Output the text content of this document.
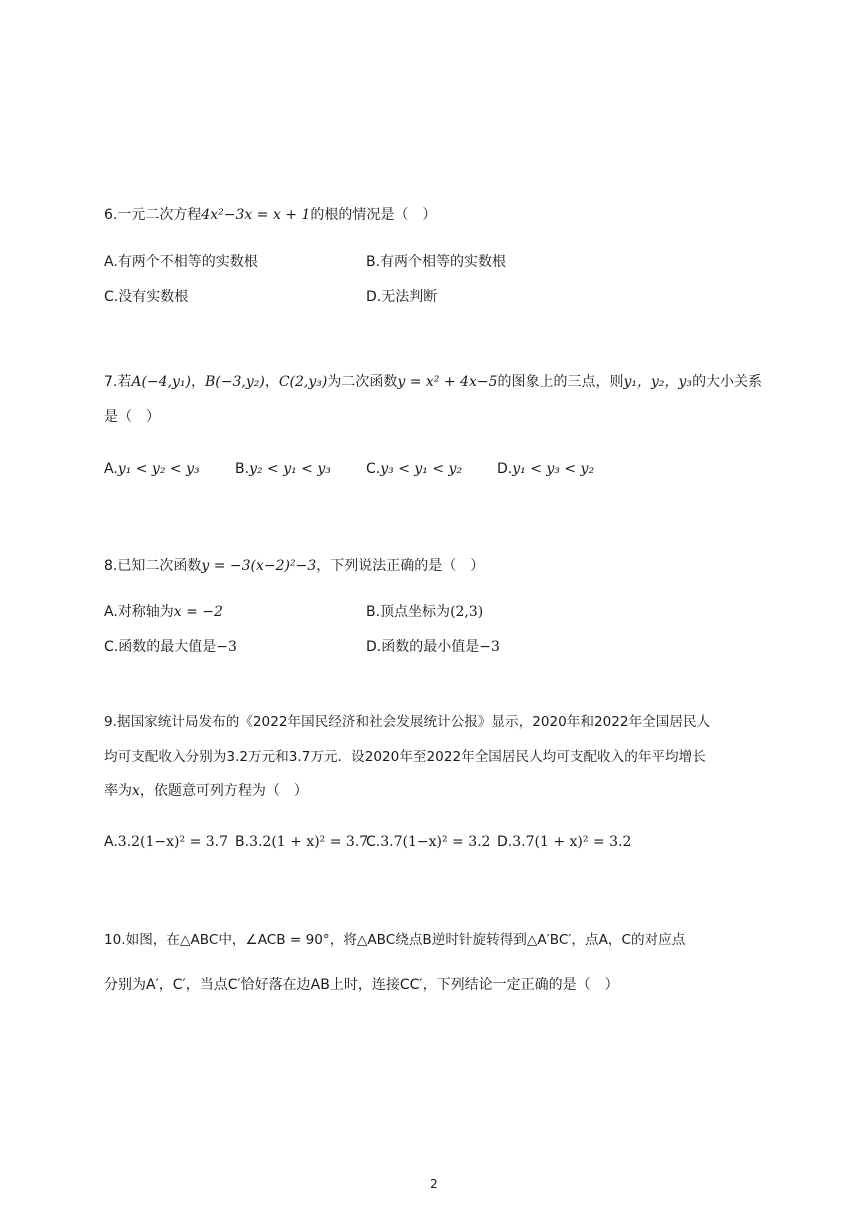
6.一元二次方程4x²−3x = x + 1的根的情况是（　）
A.有两个不相等的实数根	B.有两个相等的实数根
C.没有实数根	D.无法判断
7.若A(−4,y₁)，B(−3,y₂)，C(2,y₃)为二次函数y = x² + 4x−5的图象上的三点，则y₁，y₂，y₃的大小关系
是（　）
A.y₁ < y₂ < y₃	B.y₂ < y₁ < y₃	C.y₃ < y₁ < y₂ D.y₁ < y₃ < y₂
8.已知二次函数y = −3(x−2)²−3，下列说法正确的是（　）
A.对称轴为x = −2	B.顶点坐标为(2,3)
C.函数的最大值是−3	D.函数的最小值是−3
9.据国家统计局发布的《2022年国民经济和社会发展统计公报》显示，2020年和2022年全国居民人
均可支配收入分别为3.2万元和3.7万元．设2020年至2022年全国居民人均可支配收入的年平均增长
率为x，依题意可列方程为（　）
A.3.2(1−x)² = 3.7 B.3.2(1 + x)² = 3.7
C.3.7(1−x)² = 3.2 D.3.7(1 + x)² = 3.2
10.如图，在△ABC中，∠ACB = 90°，将△ABC绕点B逆时针旋转得到△A′BC′，点A，C的对应点
分别为A′，C′，当点C′恰好落在边AB上时，连接CC′，下列结论一定正确的是（　）
2
